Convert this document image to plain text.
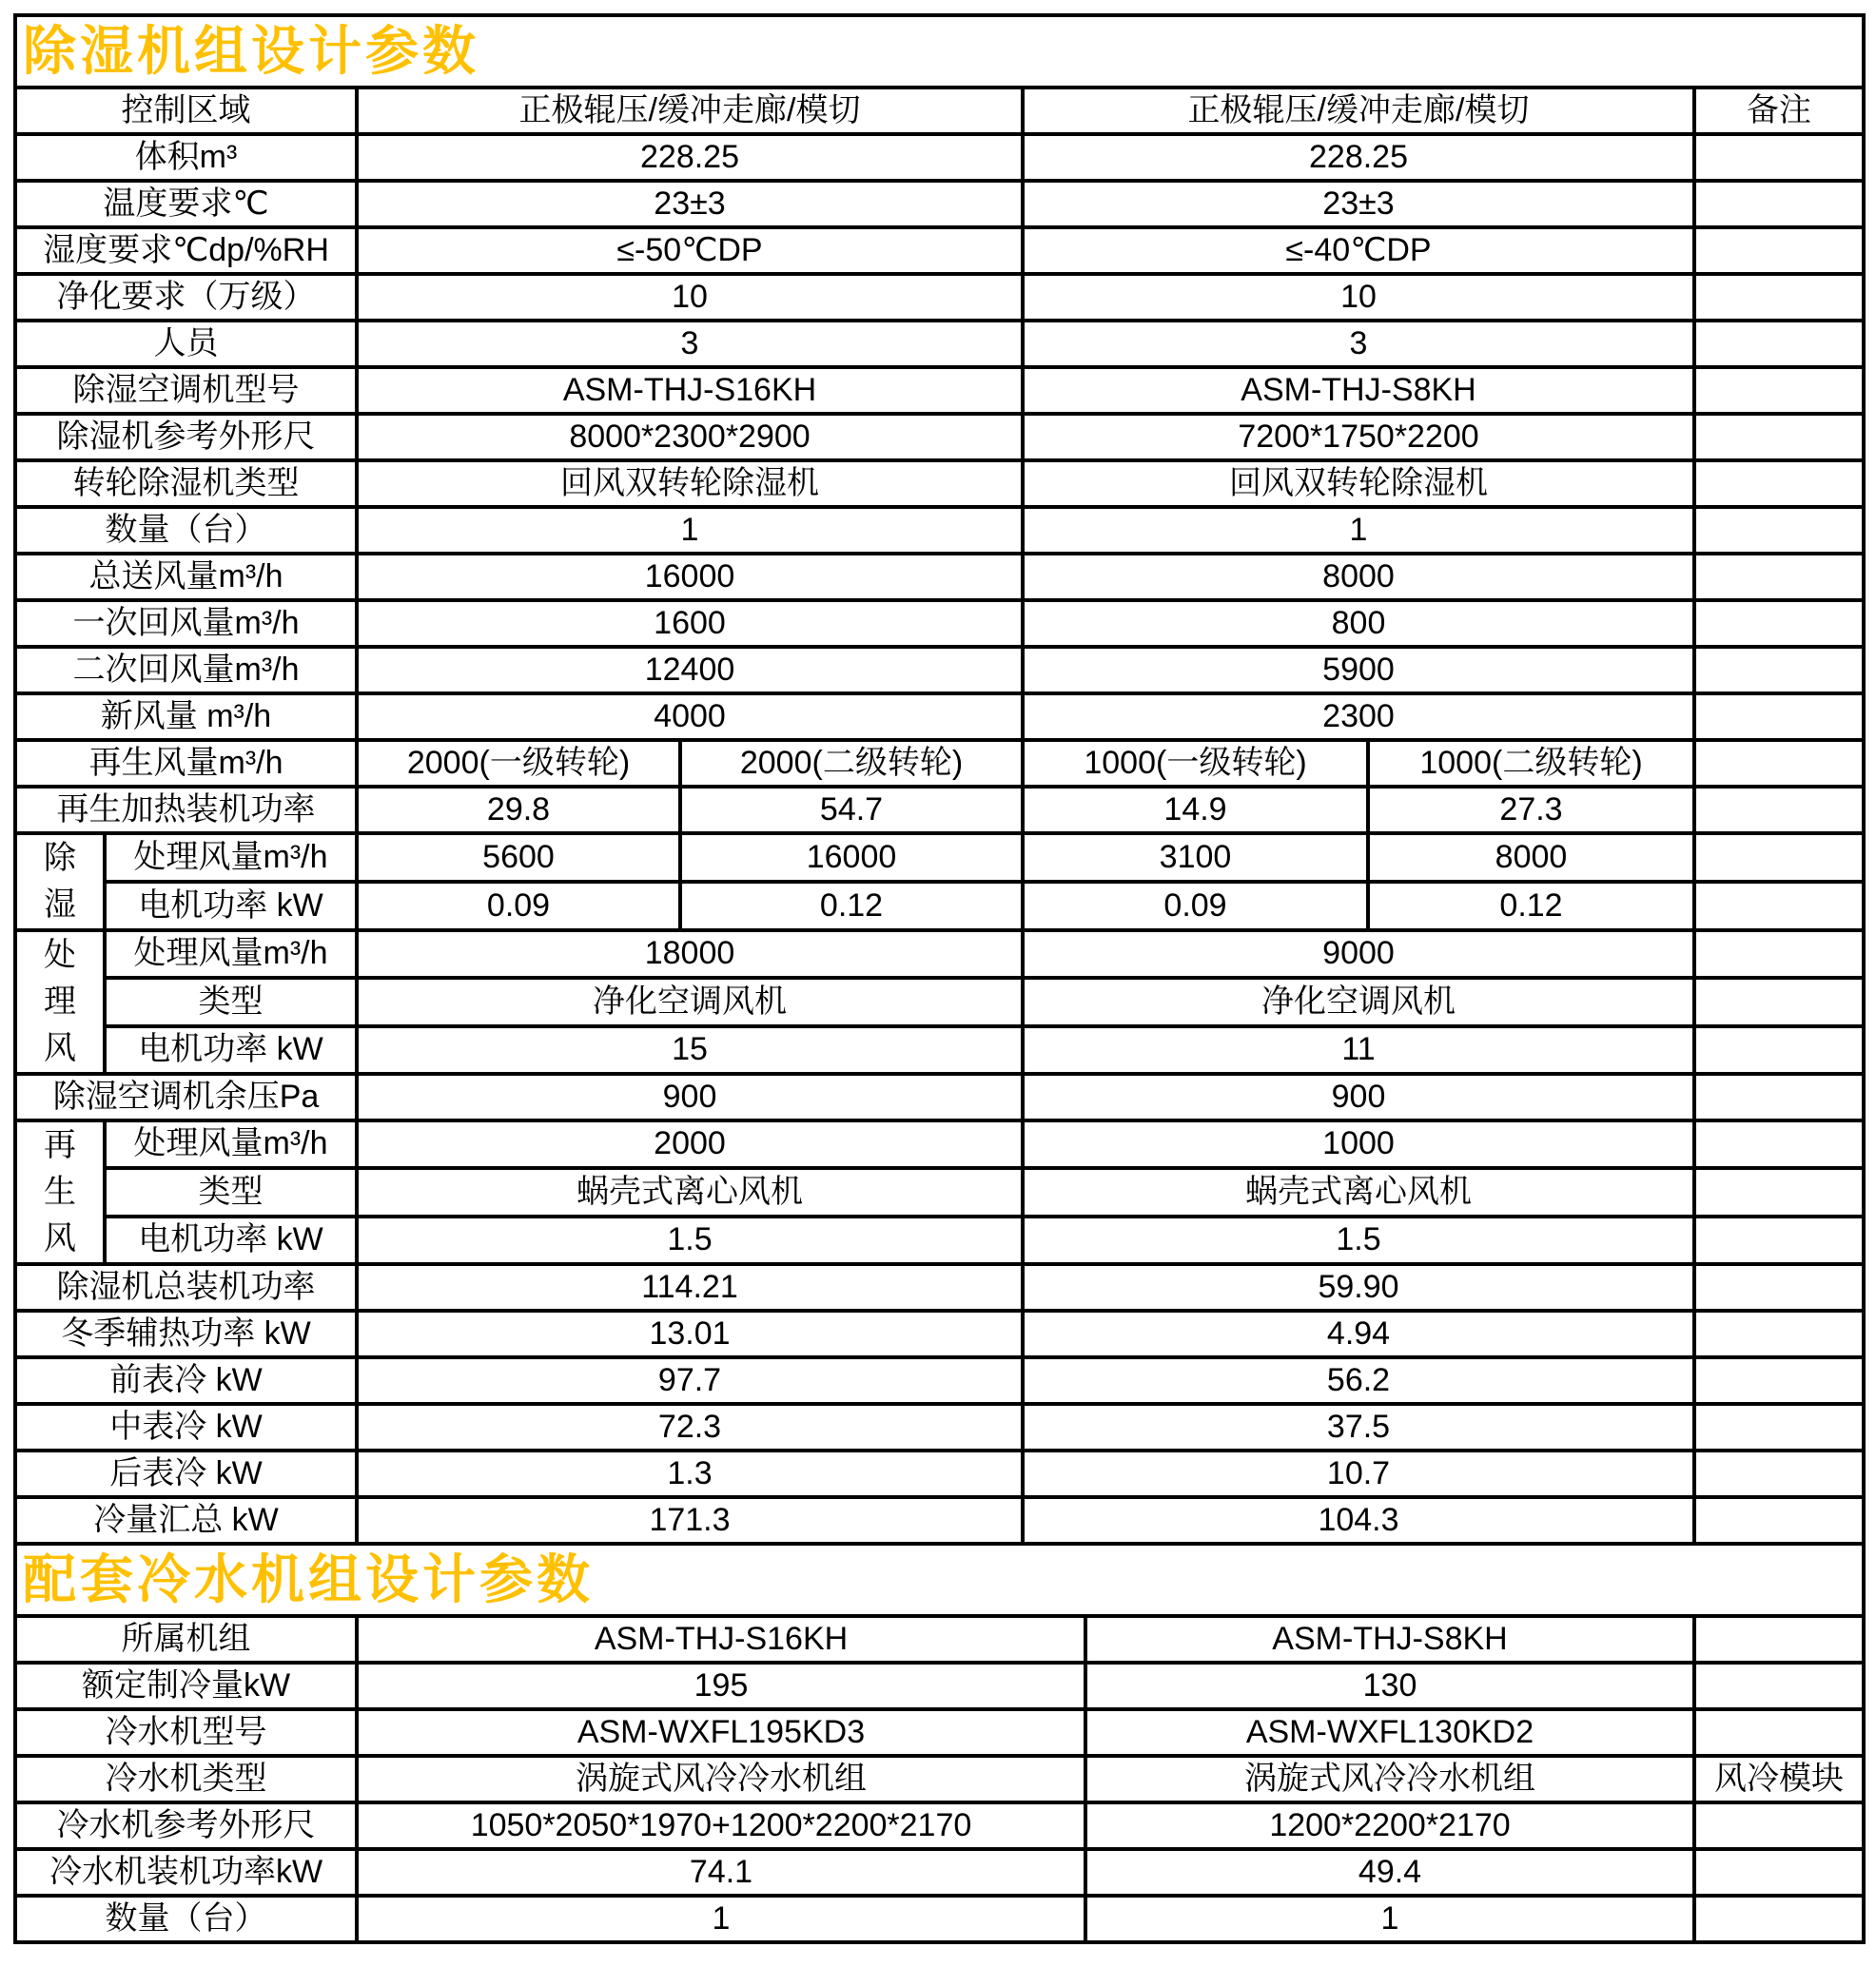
除湿机组设计参数						
控制区域		正极辊压/缓冲走廊/模切		正极辊压/缓冲走廊/模切		备注
体积m³		228.25		228.25		
温度要求℃		23±3		23±3		
湿度要求℃dp/%RH		≤-50℃DP		≤-40℃DP		
净化要求（万级）		10		10		
人员		3		3		
除湿空调机型号		ASM-THJ-S16KH		ASM-THJ-S8KH		
除湿机参考外形尺		8000*2300*2900		7200*1750*2200		
转轮除湿机类型		回风双转轮除湿机		回风双转轮除湿机		
数量（台）		1		1		
总送风量m³/h		16000		8000		
一次回风量m³/h		1600		800		
二次回风量m³/h		12400		5900		
新风量 m³/h		4000		2300		
再生风量m³/h		2000(一级转轮)	2000(二级转轮)	1000(一级转轮)	1000(二级转轮)	
再生加热装机功率		29.8	54.7	14.9	27.3	

除湿	处理风量m³/h	5600	16000	3100	8000	
	电机功率 kW	0.09	0.12	0.09	0.12	

处理风	处理风量m³/h	18000		9000		
	类型	净化空调风机		净化空调风机		
	电机功率 kW	15		11		
除湿空调机余压Pa		900		900		

再生风	处理风量m³/h	2000		1000		
	类型	蜗壳式离心风机		蜗壳式离心风机		
	电机功率 kW	1.5		1.5		
除湿机总装机功率		114.21		59.90		
冬季辅热功率 kW		13.01		4.94		
前表冷 kW		97.7		56.2		
中表冷 kW		72.3		37.5		
后表冷 kW		1.3		10.7		
冷量汇总 kW		171.3		104.3		
配套冷水机组设计参数			
所属机组	ASM-THJ-S16KH	ASM-THJ-S8KH	
额定制冷量kW	195	130	
冷水机型号	ASM-WXFL195KD3	ASM-WXFL130KD2	
冷水机类型	涡旋式风冷冷水机组	涡旋式风冷冷水机组	风冷模块
冷水机参考外形尺	1050*2050*1970+1200*2200*2170	1200*2200*2170	
冷水机装机功率kW	74.1	49.4	
数量（台）	1	1	
